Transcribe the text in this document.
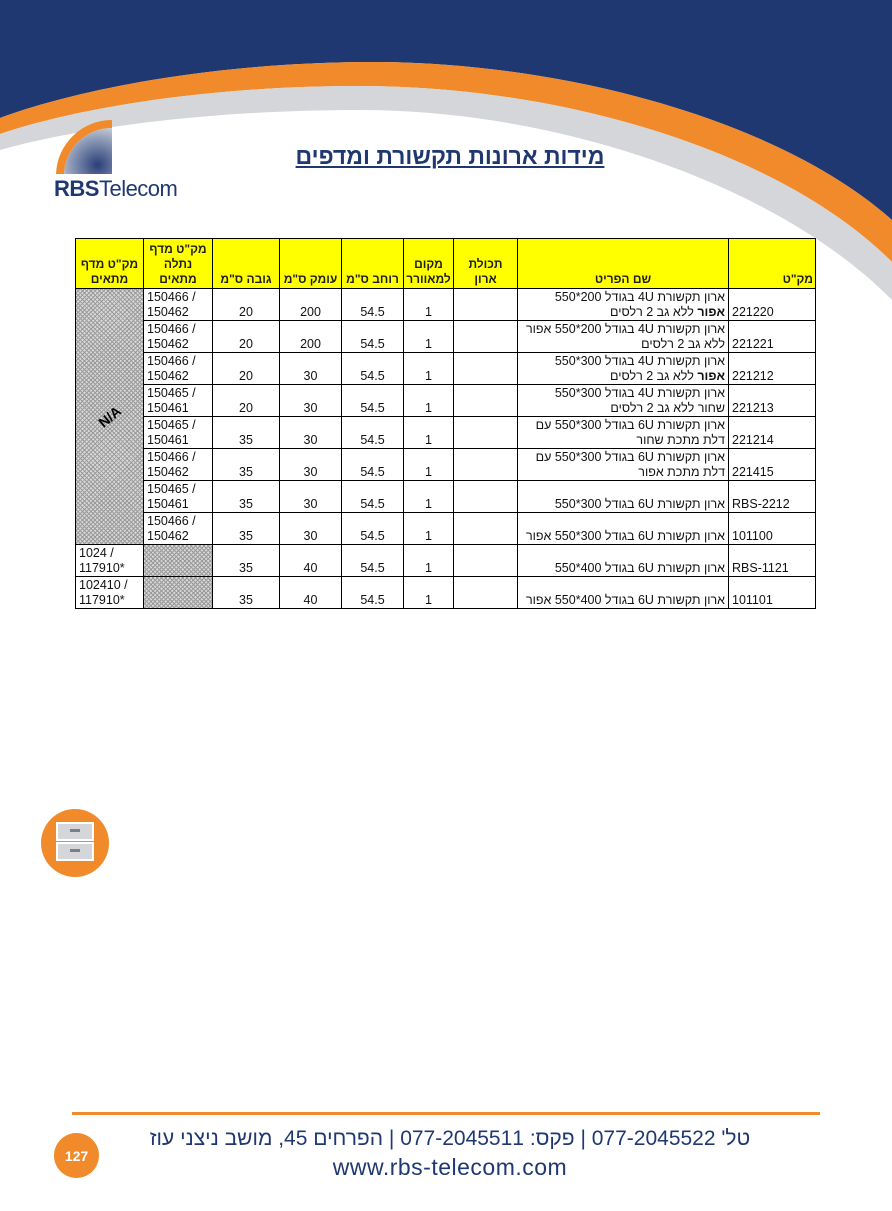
RBSTelecom
מידות ארונות תקשורת ומדפים
מק"ט	שם הפריט	תכולת ארון	מקום למאוורר	רוחב ס"מ	עומק ס"מ	גובה ס"מ	מק"ט מדף נתלה מתאים	מק"ט מדף מתאים
221220	ארון תקשורת 4U בגודל 200*550
אפור ללא גב 2 רלסים		1	54.5	200	20	150466 / 150462	N/A

221221	ארון תקשורת 4U בגודל 200*550 אפור
ללא גב 2 רלסים		1	54.5	200	20	150466 / 150462	
221212	ארון תקשורת 4U בגודל 300*550
אפור ללא גב 2 רלסים		1	54.5	30	20	150466 / 150462	
221213	ארון תקשורת 4U בגודל 300*550
שחור ללא גב 2 רלסים		1	54.5	30	20	150465 / 150461	
221214	ארון תקשורת 6U בגודל 300*550 עם
דלת מתכת שחור		1	54.5	30	35	150465 / 150461	
221415	ארון תקשורת 6U בגודל 300*550 עם
דלת מתכת אפור		1	54.5	30	35	150466 / 150462	
RBS-2212	ארון תקשורת 6U בגודל 300*550		1	54.5	30	35	150465 / 150461	
101100	ארון תקשורת 6U בגודל 300*550 אפור		1	54.5	30	35	150466 / 150462	
RBS-1121	ארון תקשורת 6U בגודל 400*550		1	54.5	40	35		1024 / 117910*
101101	ארון תקשורת 6U בגודל 400*550 אפור		1	54.5	40	35		102410 / 117910*
טל' 077-2045522 | פקס: 077-2045511 | הפרחים 45, מושב ניצני עוז
www.rbs-telecom.com
127
